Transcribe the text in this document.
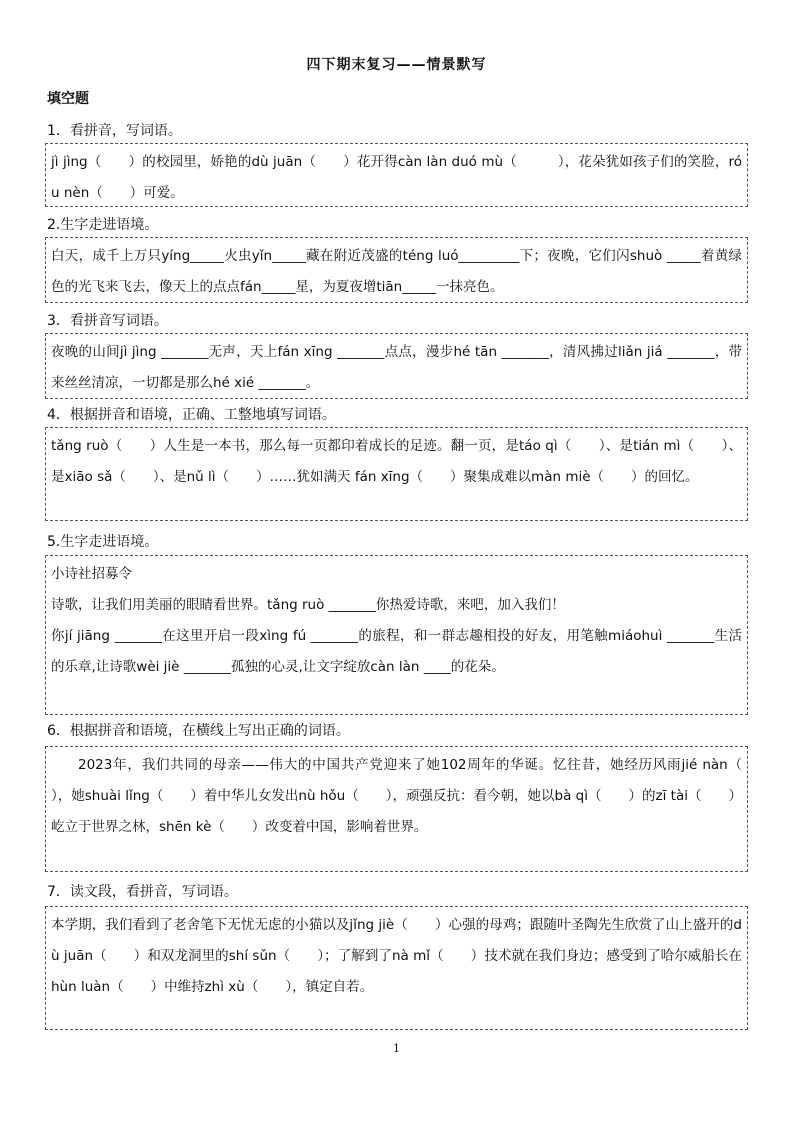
四下期末复习——情景默写
填空题
1．看拼音，写词语。

jì jìng（　　）的校园里，娇艳的dù juān（　　）花开得càn làn duó mù（　　　），花朵犹如孩子们的笑脸，róu nèn（　　）可爱。

2.生字走进语境。

白天，成千上万只yíng_____火虫yǐn_____藏在附近茂盛的téng luó_________下；夜晚，它们闪shuò _____着黄绿色的光飞来飞去，像天上的点点fán_____星，为夏夜增tiān_____一抹亮色。

3．看拼音写词语。

夜晚的山间jì jìng _______无声，天上fán xīng _______点点，漫步hé tān _______，清风拂过liǎn jiá _______，带来丝丝清凉，一切都是那么hé xié _______。

4．根据拼音和语境，正确、工整地填写词语。

tǎng ruò（　　）人生是一本书，那么每一页都印着成长的足迹。翻一页，是táo qì（　　）、是tián mì（　　）、是xiāo sǎ（　　）、是nǔ lì（　　）……犹如满天 fán xīng（　　）聚集成难以màn miè（　　）的回忆。

5.生字走进语境。

小诗社招募令

诗歌，让我们用美丽的眼睛看世界。tǎng ruò _______你热爱诗歌，来吧，加入我们！

你jí jiāng _______在这里开启一段xìng fú _______的旅程，和一群志趣相投的好友，用笔触miáohuì _______生活的乐章,让诗歌wèi jiè _______孤独的心灵,让文字绽放càn làn ____的花朵。

6．根据拼音和语境，在横线上写出正确的词语。

2023年，我们共同的母亲——伟大的中国共产党迎来了她102周年的华诞。忆往昔，她经历风雨jié nàn（　　），她shuài lǐng（　　）着中华儿女发出nù hǒu（　　），顽强反抗：看今朝，她以bà qì（　　）的zī tài（　　）屹立于世界之林，shēn kè（　　）改变着中国，影响着世界。

7．读文段，看拼音，写词语。

本学期，我们看到了老舍笔下无忧无虑的小猫以及jǐng jiè（　　）心强的母鸡；跟随叶圣陶先生欣赏了山上盛开的dù juān（　　）和双龙洞里的shí sǔn（　　）；了解到了nà mǐ（　　）技术就在我们身边；感受到了哈尔威船长在hùn luàn（　　）中维持zhì xù（　　），镇定自若。

1
